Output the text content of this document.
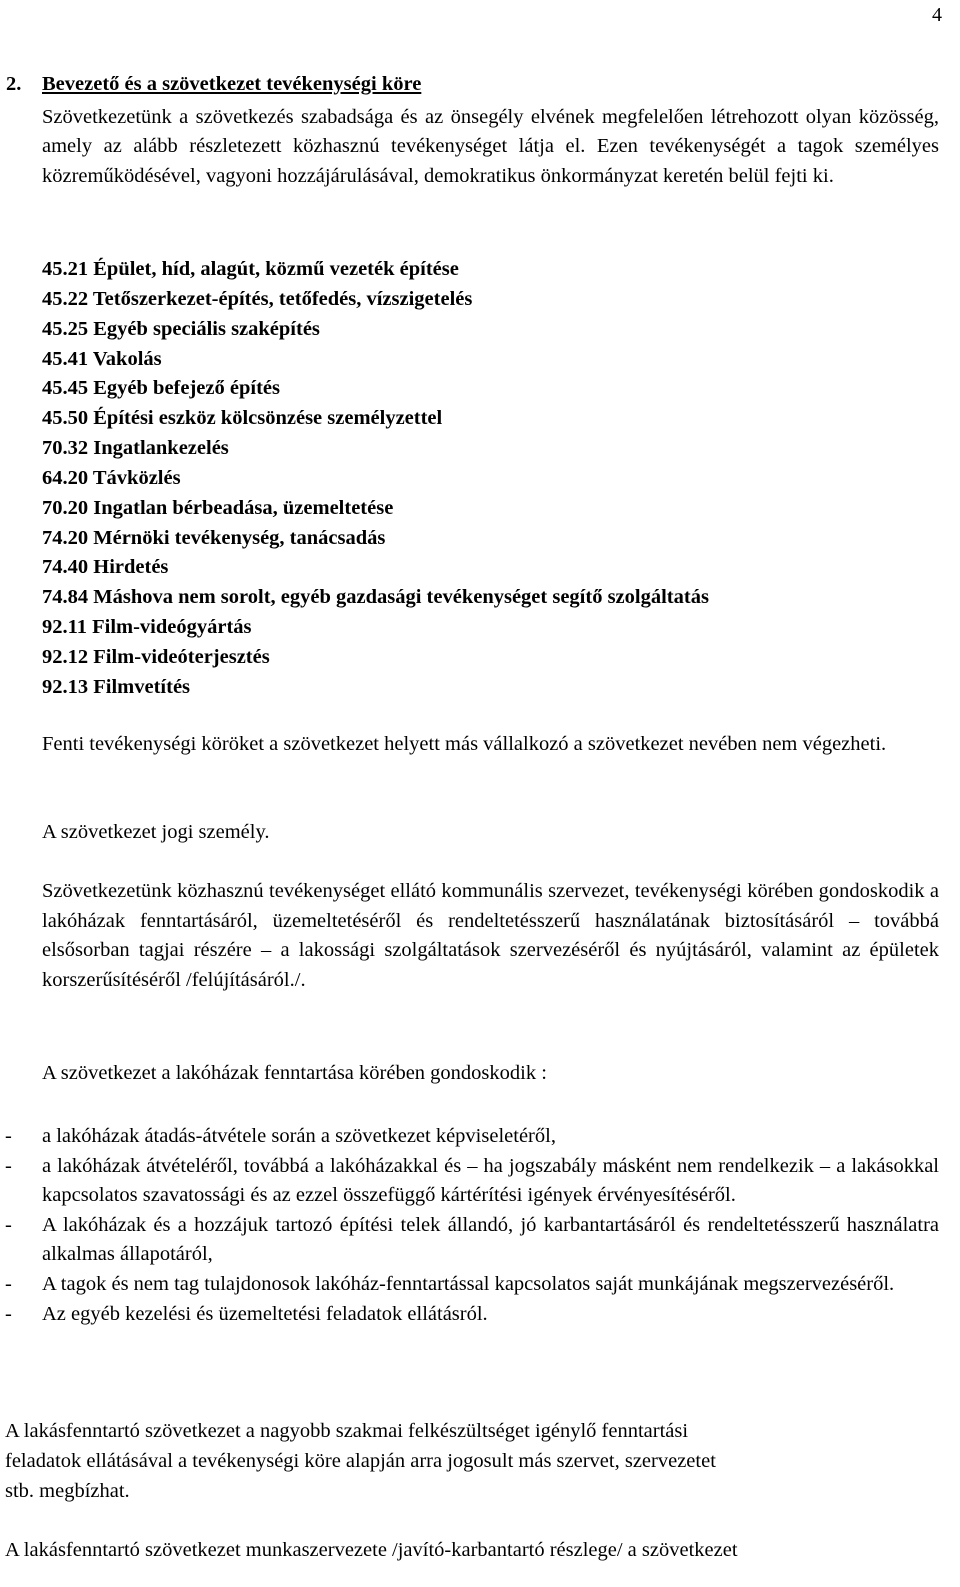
4
2. Bevezető és a szövetkezet tevékenységi köre

Szövetkezetünk a szövetkezés szabadsága és az önsegély elvének megfelelően létrehozott olyan közösség, amely az alább részletezett közhasznú tevékenységet látja el. Ezen tevékenységét a tagok személyes közreműködésével, vagyoni hozzájárulásával, demokratikus önkormányzat keretén belül fejti ki.

45.21 Épület, híd, alagút, közmű vezeték építése
45.22 Tetőszerkezet-építés, tetőfedés, vízszigetelés
45.25 Egyéb speciális szaképítés
45.41 Vakolás
45.45 Egyéb befejező építés
45.50 Építési eszköz kölcsönzése személyzettel
70.32 Ingatlankezelés
64.20 Távközlés
70.20 Ingatlan bérbeadása, üzemeltetése
74.20 Mérnöki tevékenység, tanácsadás
74.40 Hirdetés
74.84 Máshova nem sorolt, egyéb gazdasági tevékenységet segítő szolgáltatás
92.11 Film-videógyártás
92.12 Film-videóterjesztés
92.13 Filmvetítés

Fenti tevékenységi köröket a szövetkezet helyett más vállalkozó a szövetkezet nevében nem végezheti.

A szövetkezet jogi személy.

Szövetkezetünk közhasznú tevékenységet ellátó kommunális szervezet, tevékenységi körében gondoskodik a lakóházak fenntartásáról, üzemeltetéséről és rendeltetésszerű használatának biztosításáról – továbbá elsősorban tagjai részére – a lakossági szolgáltatások szervezéséről és nyújtásáról, valamint az épületek korszerűsítéséről /felújításáról./.

A szövetkezet a lakóházak fenntartása körében gondoskodik :

- a lakóházak átadás-átvétele során a szövetkezet képviseletéről,
- a lakóházak átvételéről, továbbá a lakóházakkal és – ha jogszabály másként nem rendelkezik – a lakásokkal kapcsolatos szavatossági és az ezzel összefüggő kártérítési igények érvényesítéséről.
- A lakóházak és a hozzájuk tartozó építési telek állandó, jó karbantartásáról és rendeltetésszerű használatra alkalmas állapotáról,
- A tagok és nem tag tulajdonosok lakóház-fenntartással kapcsolatos saját munkájának megszervezéséről.
- Az egyéb kezelési és üzemeltetési feladatok ellátásról.
A lakásfenntartó szövetkezet a nagyobb szakmai felkészültséget igénylő fenntartási
feladatok ellátásával a tevékenységi köre alapján arra jogosult más szervet, szervezetet
stb. megbízhat.
A lakásfenntartó szövetkezet munkaszervezete /javító-karbantartó részlege/ a szövetkezet
